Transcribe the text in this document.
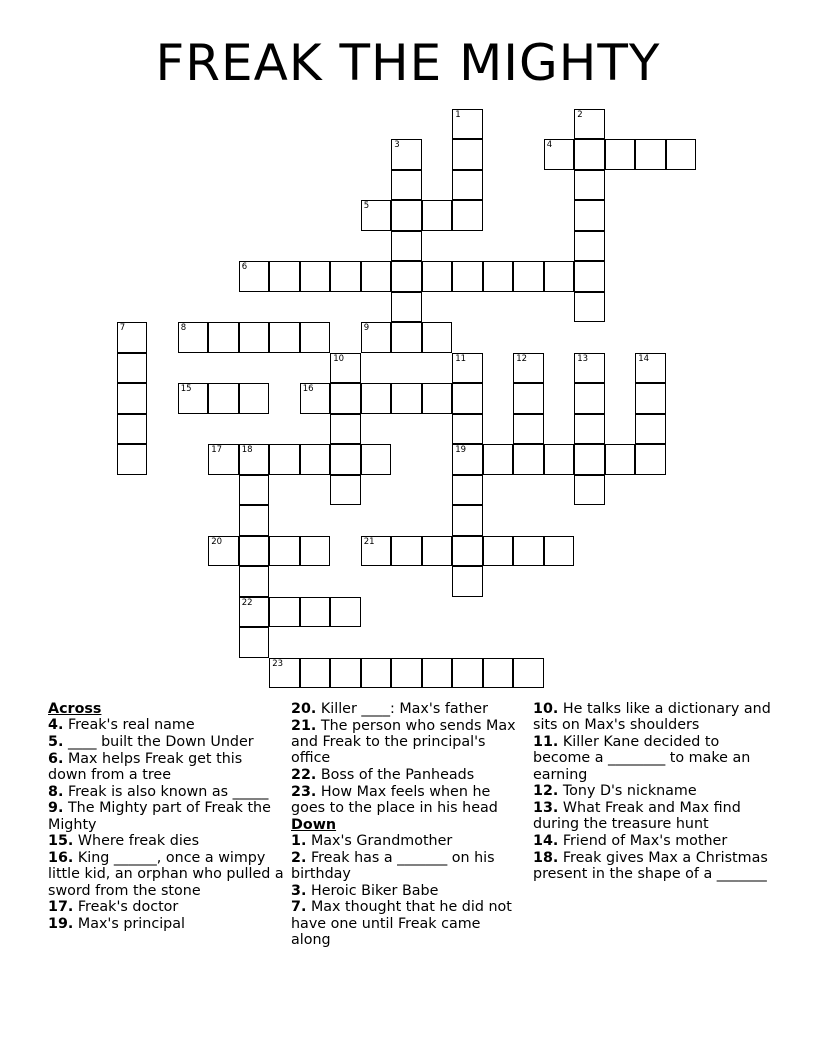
FREAK THE MIGHTY
1	2
3	4
5
6
7	8	9
10	11	12	13	14
15	16
17 18	19
20	21
22
23
Across
4. Freak's real name
5. ____ built the Down Under
6. Max helps Freak get this down from a tree
8. Freak is also known as _____
9. The Mighty part of Freak the Mighty
15. Where freak dies
16. King ______, once a wimpy little kid, an orphan who pulled a sword from the stone
17. Freak's doctor
19. Max's principal
20. Killer ____: Max's father
21. The person who sends Max and Freak to the principal's office
22. Boss of the Panheads
23. How Max feels when he goes to the place in his head
Down
1. Max's Grandmother
2. Freak has a _______ on his birthday
3. Heroic Biker Babe
7. Max thought that he did not have one until Freak came along
10. He talks like a dictionary and sits on Max's shoulders
11. Killer Kane decided to become a ________ to make an earning
12. Tony D's nickname
13. What Freak and Max find during the treasure hunt
14. Friend of Max's mother
18. Freak gives Max a Christmas present in the shape of a _______
